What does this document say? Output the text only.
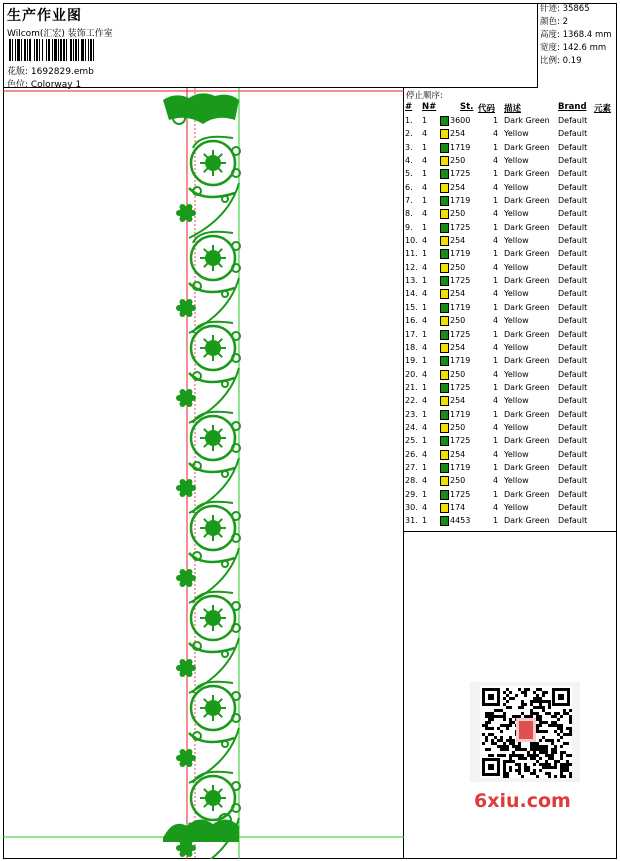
生产作业图
Wilcom(汇宏) 装饰工作室
花版: 1692829.emb
色位: Colorway 1
针迹: 35865
颜色: 2
高度: 1368.4 mm
宽度: 142.6 mm
比例: 0.19
停止顺序:
# N#	St. 代码 描述	Brand 元素
1. 1	3600	1 Dark Green Default
2. 4	254	4 Yellow	Default
3. 1	1719	1 Dark Green Default
4. 4	250	4 Yellow	Default
5. 1	1725	1 Dark Green Default
6. 4	254	4 Yellow	Default
7. 1	1719	1 Dark Green Default
8. 4	250	4 Yellow	Default
9. 1	1725	1 Dark Green Default
10. 4	254	4 Yellow	Default
11. 1	1719	1 Dark Green Default
12. 4	250	4 Yellow	Default
13. 1	1725	1 Dark Green Default
14. 4	254	4 Yellow	Default
15. 1	1719	1 Dark Green Default
16. 4	250	4 Yellow	Default
17. 1	1725	1 Dark Green Default
18. 4	254	4 Yellow	Default
19. 1	1719	1 Dark Green Default
20. 4	250	4 Yellow	Default
21. 1	1725	1 Dark Green Default
22. 4	254	4 Yellow	Default
23. 1	1719	1 Dark Green Default
24. 4	250	4 Yellow	Default
25. 1	1725	1 Dark Green Default
26. 4	254	4 Yellow	Default
27. 1	1719	1 Dark Green Default
28. 4	250	4 Yellow	Default
29. 1	1725	1 Dark Green Default
30. 4	174	4 Yellow	Default
31. 1	4453	1 Dark Green Default
6xiu.com
